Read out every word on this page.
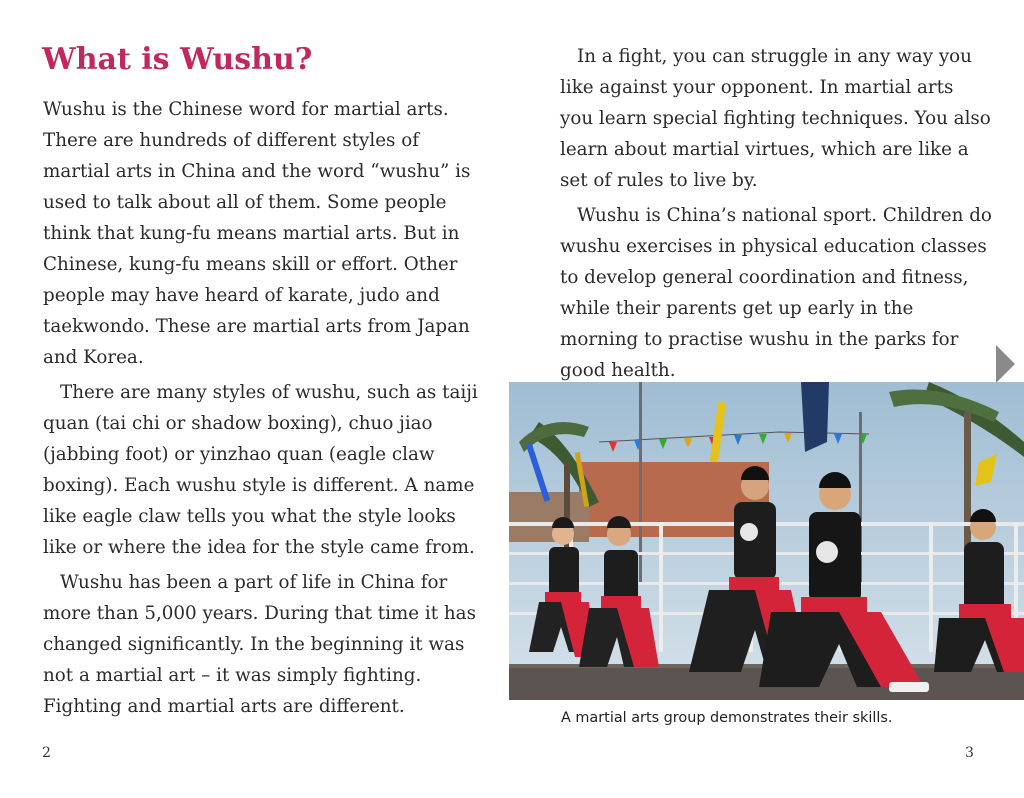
What is Wushu?

Wushu is the Chinese word for martial arts. There are hundreds of different styles of martial arts in China and the word “wushu” is used to talk about all of them. Some people think that kung-fu means martial arts. But in Chinese, kung-fu means skill or effort. Other people may have heard of karate, judo and taekwondo. These are martial arts from Japan and Korea.

There are many styles of wushu, such as taiji quan (tai chi or shadow boxing), chuo jiao (jabbing foot) or yinzhao quan (eagle claw boxing). Each wushu style is different. A name like eagle claw tells you what the style looks like or where the idea for the style came from.

Wushu has been a part of life in China for more than 5,000 years. During that time it has changed significantly. In the beginning it was not a martial art – it was simply fighting. Fighting and martial arts are different.

2

In a fight, you can struggle in any way you like against your opponent. In martial arts you learn special fighting techniques. You also learn about martial virtues, which are like a set of rules to live by.

Wushu is China’s national sport. Children do wushu exercises in physical education classes to develop general coordination and fitness, while their parents get up early in the morning to practise wushu in the parks for good health.

A martial arts group demonstrates their skills.
3
